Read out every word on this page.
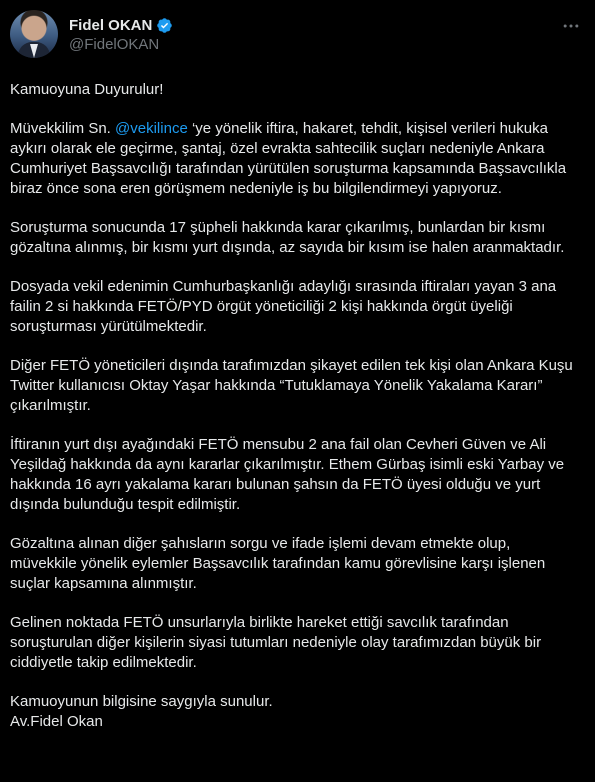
Fidel OKAN
@FidelOKAN

Kamuoyuna Duyurulur!

Müvekkilim Sn. @vekilince ‘ye yönelik iftira, hakaret, tehdit, kişisel verileri hukuka aykırı olarak ele geçirme, şantaj, özel evrakta sahtecilik suçları nedeniyle Ankara Cumhuriyet Başsavcılığı tarafından yürütülen soruşturma kapsamında Başsavcılıkla biraz önce sona eren görüşmem nedeniyle iş bu bilgilendirmeyi yapıyoruz.

Soruşturma sonucunda 17 şüpheli hakkında karar çıkarılmış, bunlardan bir kısmı gözaltına alınmış, bir kısmı yurt dışında, az sayıda bir kısım ise halen aranmaktadır.

Dosyada vekil edenimin Cumhurbaşkanlığı adaylığı sırasında iftiraları yayan 3 ana failin 2 si hakkında FETÖ/PYD örgüt yöneticiliği 2 kişi hakkında örgüt üyeliği soruşturması yürütülmektedir.

Diğer FETÖ yöneticileri dışında tarafımızdan şikayet edilen tek kişi olan Ankara Kuşu Twitter kullanıcısı Oktay Yaşar hakkında “Tutuklamaya Yönelik Yakalama Kararı” çıkarılmıştır.

İftiranın yurt dışı ayağındaki FETÖ mensubu 2 ana fail olan Cevheri Güven ve Ali Yeşildağ hakkında da aynı kararlar çıkarılmıştır. Ethem Gürbaş isimli eski Yarbay ve hakkında 16 ayrı yakalama kararı bulunan şahsın da FETÖ üyesi olduğu ve yurt dışında bulunduğu tespit edilmiştir.

Gözaltına alınan diğer şahısların sorgu ve ifade işlemi devam etmekte olup, müvekkile yönelik eylemler Başsavcılık tarafından kamu görevlisine karşı işlenen suçlar kapsamına alınmıştır.

Gelinen noktada FETÖ unsurlarıyla birlikte hareket ettiği savcılık tarafından soruşturulan diğer kişilerin siyasi tutumları nedeniyle olay tarafımızdan büyük bir ciddiyetle takip edilmektedir.

Kamuoyunun bilgisine saygıyla sunulur.

Av.Fidel Okan
